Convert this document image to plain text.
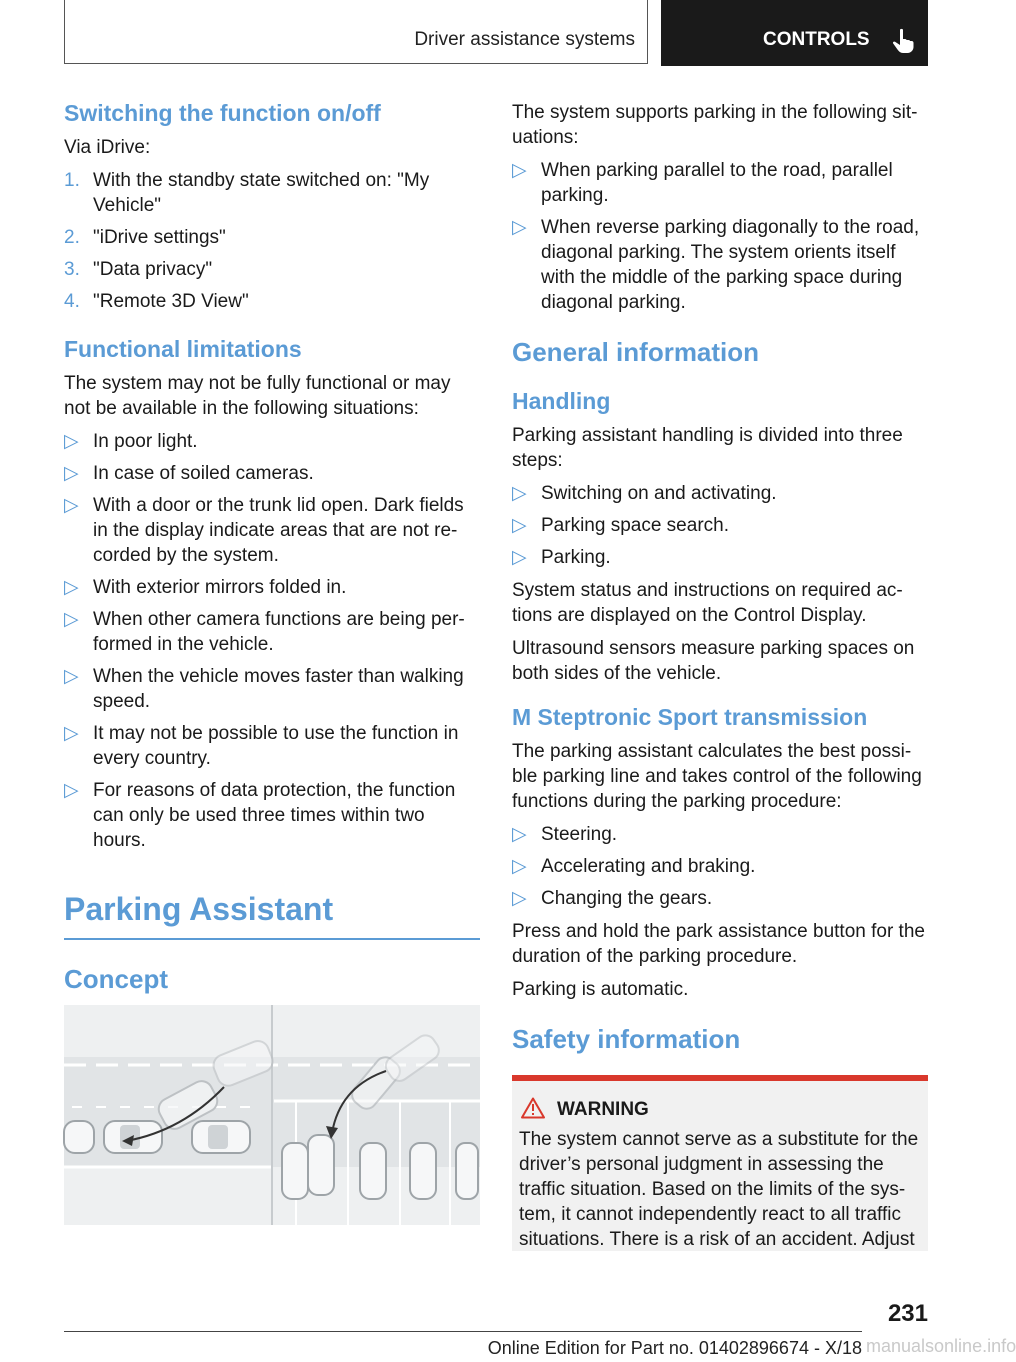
Driver assistance systems	CONTROLS
Switching the function on/off

Via iDrive:

1. With the standby state switched on: "My Vehicle"
2. "iDrive settings"
3. "Data privacy"
4. "Remote 3D View"
Functional limitations

The system may not be fully functional or may not be available in the following situations:

▷ In poor light.
▷ In case of soiled cameras.
▷ With a door or the trunk lid open. Dark fields in the display indicate areas that are not re-corded by the system.
▷ With exterior mirrors folded in.
▷ When other camera functions are being per-formed in the vehicle.
▷ When the vehicle moves faster than walking speed.
▷ It may not be possible to use the function in every country.
▷ For reasons of data protection, the function can only be used three times within two hours.
Parking Assistant
Concept

The system supports parking in the following sit-uations:

▷ When parking parallel to the road, parallel parking.
▷ When reverse parking diagonally to the road, diagonal parking. The system orients itself with the middle of the parking space during diagonal parking.
General information
Handling

Parking assistant handling is divided into three steps:

▷ Switching on and activating.
▷ Parking space search.
▷ Parking.

System status and instructions on required ac-tions are displayed on the Control Display.

Ultrasound sensors measure parking spaces on both sides of the vehicle.

M Steptronic Sport transmission

The parking assistant calculates the best possi-ble parking line and takes control of the following functions during the parking procedure:

▷ Steering.
▷ Accelerating and braking.
▷ Changing the gears.

Press and hold the park assistance button for the duration of the parking procedure.

Parking is automatic.

Safety information
WARNING

The system cannot serve as a substitute for the driver’s personal judgment in assessing the traffic situation. Based on the limits of the sys-tem, it cannot independently react to all traffic situations. There is a risk of an accident. Adjust

231
Online Edition for Part no. 01402896674 - X/18 manualsonline.info
